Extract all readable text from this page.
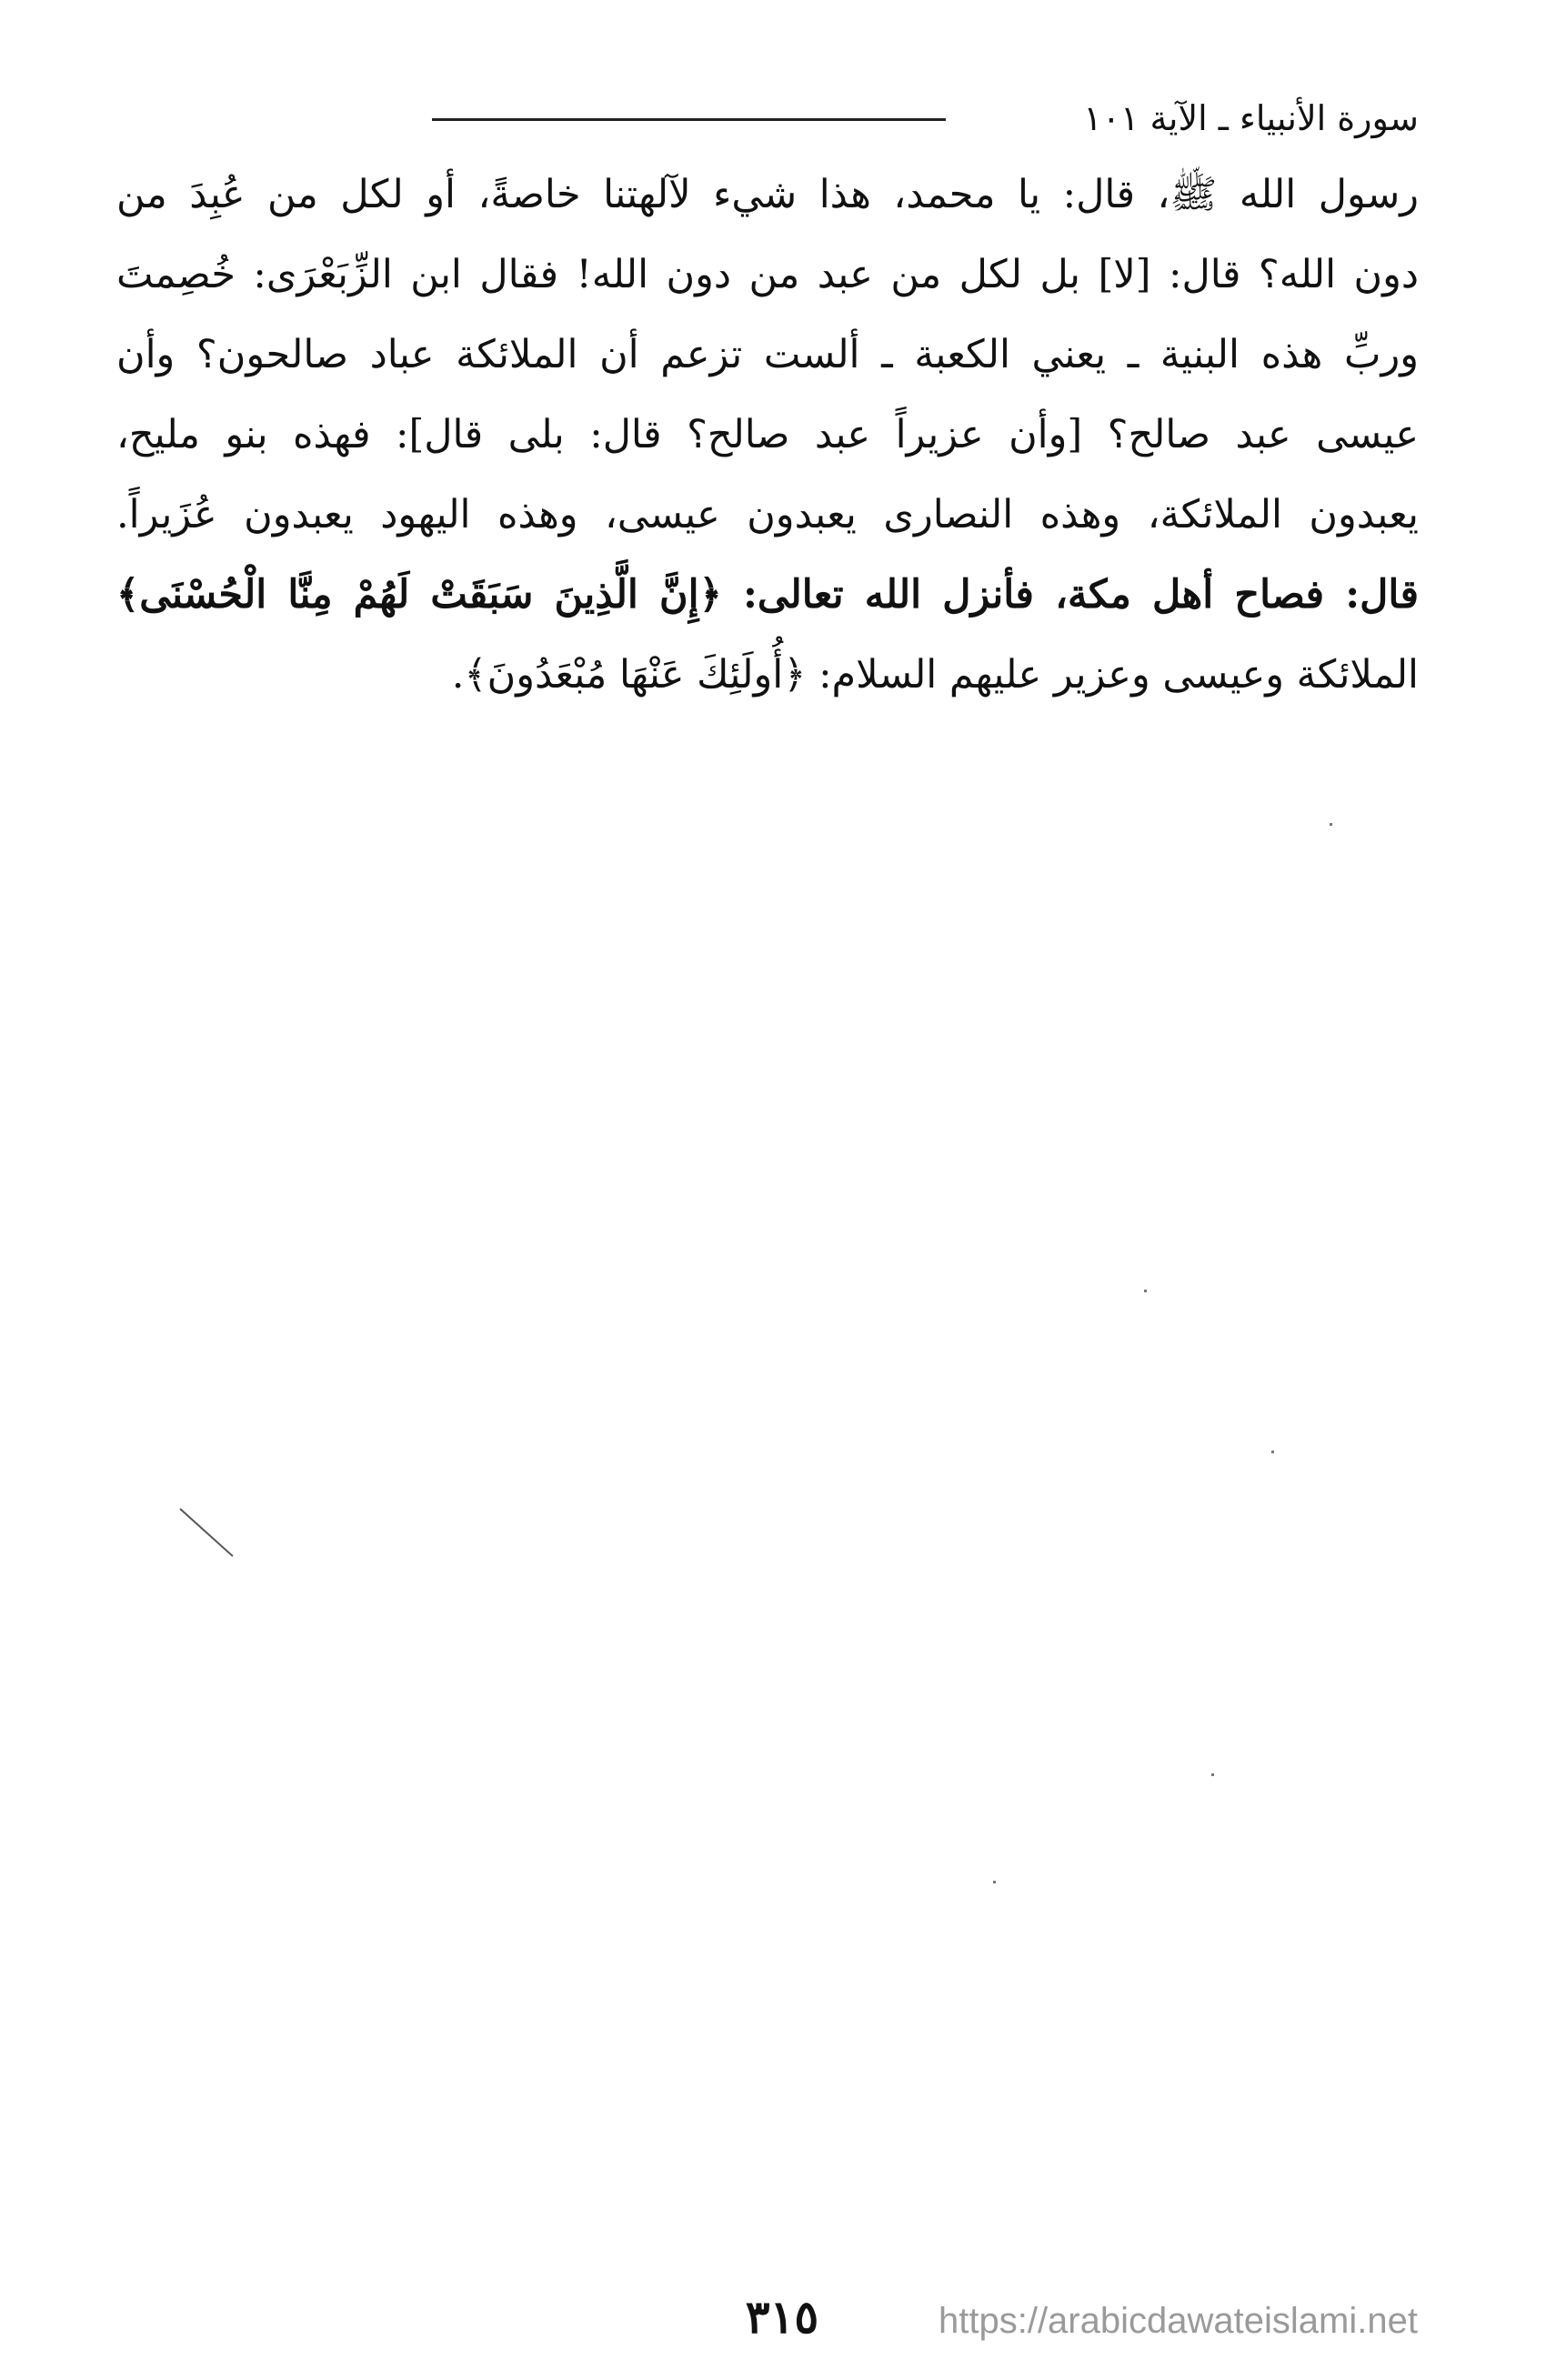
سورة الأنبياء ـ الآية ١٠١
رسول الله ﷺ، قال: يا محمد، هذا شيء لآلهتنا خاصةً، أو لكل من عُبِدَ من
دون الله؟ قال: [لا] بل لكل من عبد من دون الله! فقال ابن الزِّبَعْرَى: خُصِمتَ
وربِّ هذه البنية ـ يعني الكعبة ـ ألست تزعم أن الملائكة عباد صالحون؟ وأن
عيسى عبد صالح؟ [وأن عزيراً عبد صالح؟ قال: بلى قال]: فهذه بنو مليح،
يعبدون الملائكة، وهذه النصارى يعبدون عيسى، وهذه اليهود يعبدون عُزَيراً.
قال: فصاح أهل مكة، فأنزل الله تعالى: ﴿إِنَّ الَّذِينَ سَبَقَتْ لَهُمْ مِنَّا الْحُسْنَى﴾
الملائكة وعيسى وعزير عليهم السلام: ﴿أُولَئِكَ عَنْهَا مُبْعَدُونَ﴾.
٣١٥	https://arabicdawateislami.net
